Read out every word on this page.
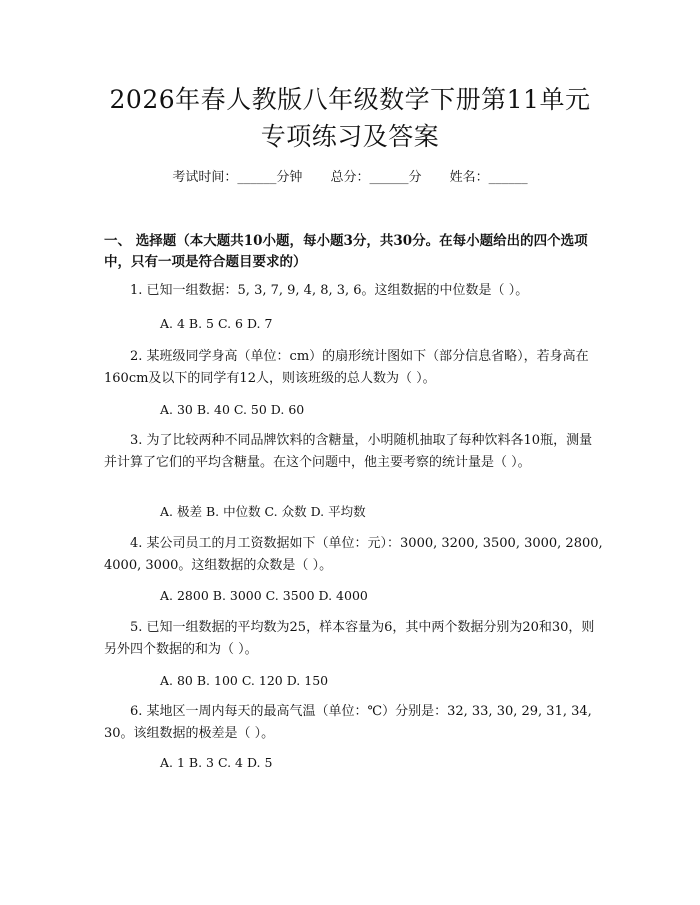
2026年春人教版八年级数学下册第11单元
专项练习及答案
考试时间：______分钟 总分：______分 姓名：______
一、 选择题（本大题共10小题，每小题3分，共30分。在每小题给出的四个选项中，只有一项是符合题目要求的）
1. 已知一组数据：5, 3, 7, 9, 4, 8, 3, 6。这组数据的中位数是（ ）。
A. 4 B. 5 C. 6 D. 7
2. 某班级同学身高（单位：cm）的扇形统计图如下（部分信息省略），若身高在160cm及以下的同学有12人，则该班级的总人数为（ ）。
A. 30 B. 40 C. 50 D. 60
3. 为了比较两种不同品牌饮料的含糖量，小明随机抽取了每种饮料各10瓶，测量并计算了它们的平均含糖量。在这个问题中，他主要考察的统计量是（ ）。
A. 极差 B. 中位数 C. 众数 D. 平均数
4. 某公司员工的月工资数据如下（单位：元）：3000, 3200, 3500, 3000, 2800, 4000, 3000。这组数据的众数是（ ）。
A. 2800 B. 3000 C. 3500 D. 4000
5. 已知一组数据的平均数为25，样本容量为6，其中两个数据分别为20和30，则另外四个数据的和为（ ）。
A. 80 B. 100 C. 120 D. 150
6. 某地区一周内每天的最高气温（单位：℃）分别是：32, 33, 30, 29, 31, 34, 30。该组数据的极差是（ ）。
A. 1 B. 3 C. 4 D. 5
